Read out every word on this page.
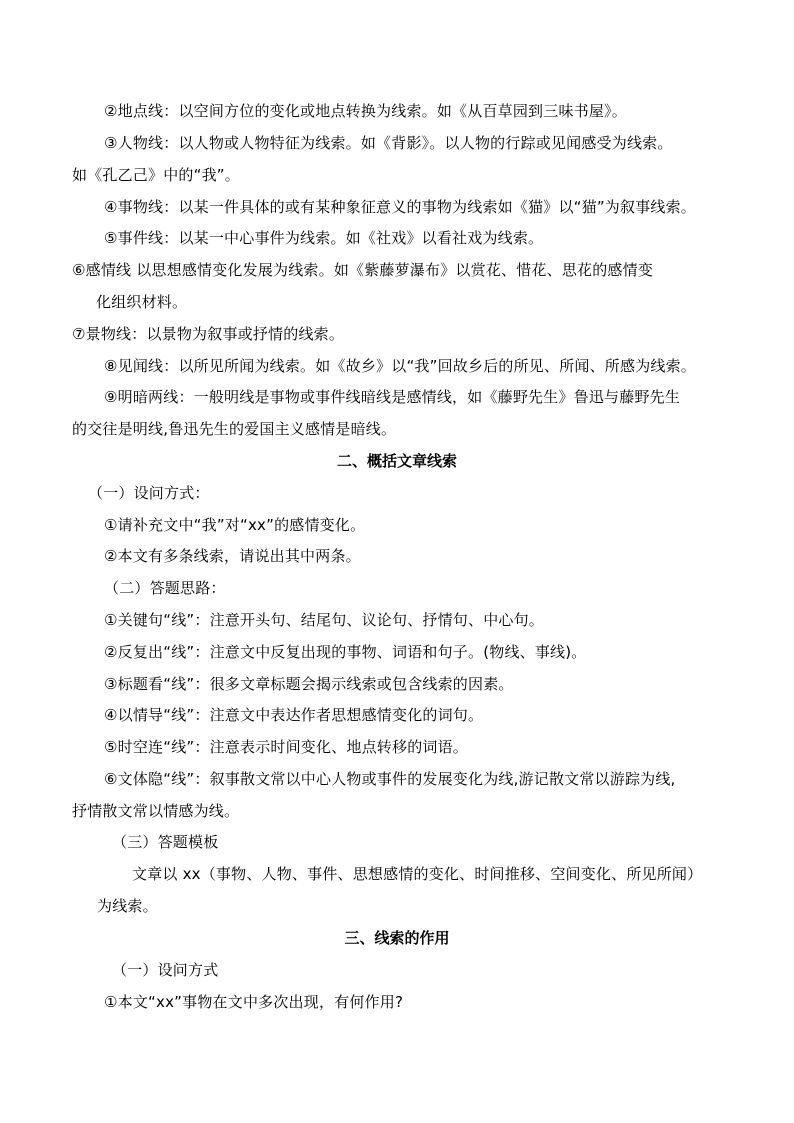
②地点线：以空间方位的变化或地点转换为线索。如《从百草园到三味书屋》。
③人物线：以人物或人物特征为线索。如《背影》。以人物的行踪或见闻感受为线索。
如《孔乙己》中的“我”。
④事物线：以某一件具体的或有某种象征意义的事物为线索如《猫》以“猫”为叙事线索。
⑤事件线：以某一中心事件为线索。如《社戏》以看社戏为线索。
⑥感情线 以思想感情变化发展为线索。如《紫藤萝瀑布》以赏花、惜花、思花的感情变
化组织材料。
⑦景物线：以景物为叙事或抒情的线索。
⑧见闻线：以所见所闻为线索。如《故乡》以“我”回故乡后的所见、所闻、所感为线索。
⑨明暗两线：一般明线是事物或事件线暗线是感情线，如《藤野先生》鲁迅与藤野先生
的交往是明线,鲁迅先生的爱国主义感情是暗线。
二、概括文章线索
（一）设问方式：
①请补充文中“我”对“xx”的感情变化。
②本文有多条线索，请说出其中两条。
（二）答题思路：
①关键句“线”：注意开头句、结尾句、议论句、抒情句、中心句。
②反复出“线”：注意文中反复出现的事物、词语和句子。(物线、事线)。
③标题看“线”：很多文章标题会揭示线索或包含线索的因素。
④以情导“线”：注意文中表达作者思想感情变化的词句。
⑤时空连“线”：注意表示时间变化、地点转移的词语。
⑥文体隐“线”：叙事散文常以中心人物或事件的发展变化为线,游记散文常以游踪为线,
抒情散文常以情感为线。
（三）答题模板
文章以 xx（事物、人物、事件、思想感情的变化、时间推移、空间变化、所见所闻）
为线索。
三、线索的作用
（一）设问方式
①本文“xx”事物在文中多次出现，有何作用?
